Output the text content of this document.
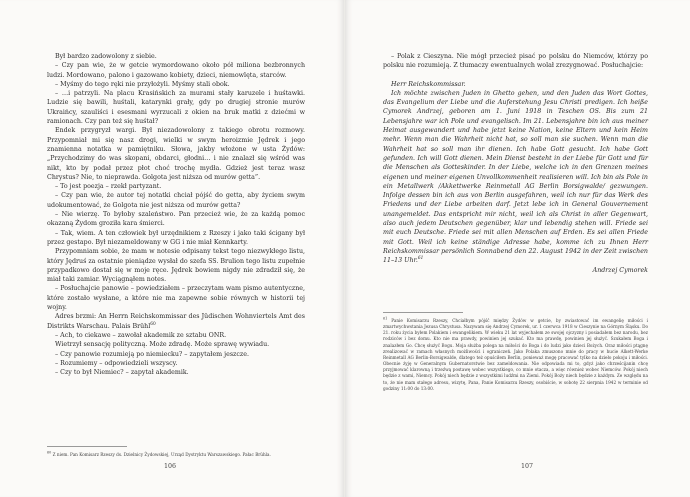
Był bardzo zadowolony z siebie.

– Czy pan wie, że w getcie wymordowano około pół miliona bezbronnych ludzi. Mordowano, palono i gazowano kobiety, dzieci, niemowlęta, starców.

– Myśmy do tego ręki nie przyłożyli. Myśmy stali obok.

– …i patrzyli. Na placu Krasińskich za murami stały karuzele i huśtawki. Ludzie się bawili, huśtali, katarynki grały, gdy po drugiej stronie murów Ukraińcy, szauliści i esesmani wyrzucali z okien na bruk matki z dziećmi w ramionach. Czy pan też się huśtał?

Endek przygryzł wargi. Był niezadowolony z takiego obrotu rozmowy. Przypomniał mi się nasz drogi, wielki w swym heroizmie Jędrek i jego znamienna notatka w pamiętniku. Słowa, jakby włożone w usta Żydów: „Przychodzimy do was skopani, obdarci, głodni… i nie znalazł się wśród was nikt, kto by podał przez płot choć trochę mydła. Gdzież jest teraz wasz Chrystus? Nie, to nieprawda. Golgota jest niższa od murów getta”.

– To jest poezja – rzekł partyzant.

– Czy pan wie, że autor tej notatki chciał pójść do getta, aby życiem swym udokumentować, że Golgota nie jest niższa od murów getta?

– Nie wierzę. To byłoby szaleństwo. Pan przecież wie, że za każdą pomoc okazaną Żydom groziła kara śmierci.

– Tak, wiem. A ten człowiek był urzędnikiem z Rzeszy i jako taki ścigany był przez gestapo. Był niezameldowany w GG i nie miał Kennkarty.

Przypomniam sobie, że mam w notesie odpisany tekst tego niezwykłego listu, który Jędruś za ostatnie pieniądze wysłał do szefa SS. Brulion tego listu zupełnie przypadkowo dostał się w moje ręce. Jędrek bowiem nigdy nie zdradził się, że miał taki zamiar. Wyciągnąłem notes.

– Posłuchajcie panowie – powiedziałem – przeczytam wam pismo autentyczne, które zostało wysłane, a które nie ma zapewne sobie równych w historii tej wojny.

Adres brzmi: An Herrn Reichskommissar des Jüdischen Wohnviertels Amt des Distrikts Warschau. Palais Brühl$^{60}$

– Ach, to ciekawe – zawołał akademik ze sztabu ONR.

Wietrzył sensację polityczną. Może zdradę. Może sprawę wywiadu.

– Czy panowie rozumieją po niemiecku? – zapytałem jeszcze.

– Rozumiemy – odpowiedzieli wszyscy.

– Czy to był Niemiec? – zapytał akademik.

$^{60}$ Z niem. Pan Komisarz Rzeszy ds. Dzielnicy Żydowskiej, Urząd Dystryktu Warszawskiego. Pałac Brühla.

106

– Polak z Cieszyna. Nie mógł przecież pisać po polsku do Niemców, którzy po polsku nie rozumieją. Z tłumaczy ewentualnych wolał zrezygnować. Posłuchajcie:

Herr Reichskommissar.

Ich möchte zwischen Juden in Ghetto gehen, und den Juden das Wort Gottes, das Evangelium der Liebe und die Auferstehung Jesu Christi predigen. Ich heiße Cymorek Andrzej, geboren am 1. Juni 1918 in Teschen OS. Bis zum 21 Lebensjahre war ich Pole und evangelisch. Im 21. Lebensjahre bin ich aus meiner Heimat ausgewandert und habe jetzt keine Nation, keine Eltern und kein Heim mehr. Wenn man die Wahrheit nicht hat, so soll man sie suchen. Wenn man die Wahrheit hat so soll man ihr dienen. Ich habe Gott gesucht. Ich habe Gott gefunden. Ich will Gott dienen. Mein Dienst besteht in der Liebe für Gott und für die Menschen als Gotteskinder. In der Liebe, welche ich in den Grenzen meines eigenen und meiner eigenen Unvollkommenheit realisieren will. Ich bin als Pole in ein Metallwerk /Akkettwerke Reinmetall AG Berlin Borsigwalde/ gezwungen. Infolge dessen bin ich aus von Berlin ausgefahren, weil ich nur für das Werk des Friedens und der Liebe arbeiten darf. Jetzt lebe ich in General Gouvernement unangemeldet. Das entspricht mir nicht, weil ich als Christ in aller Gegenwart, also auch jedem Deutschen gegenüber, klar und lebendig stehen will. Friede sei mit euch Deutsche. Friede sei mit allen Menschen auf Erden. Es sei allen Friede mit Gott. Weil ich keine ständige Adresse habe, komme ich zu Ihnen Herr Reichskommissar persönlich Sonnabend den 22. August 1942 in der Zeit zwischen 11–13 Uhr.$^{61}$

Andrzej Cymorek

$^{61}$ Panie Komisarzu Rzeszy, Chciałbym pójść między Żydów w getcie, by zwiastować im ewangelię miłości i zmartwychwstania Jezusa Chrystusa. Nazywam się Andrzej Cymorek, ur. 1 czerwca 1918 w Cieszynie na Górnym Śląsku. Do 21. roku życia byłem Polakiem i ewangelikiem. W wieku 21 lat wyjechałem ze swojej ojczyzny i posiadałem bez narodu, bez rodziców i bez domu. Kto nie ma prawdy, powinien jej szukać. Kto ma prawdę, powinien jej służyć. Szukałem Boga i znalazłem Go. Chcę służyć Bogu. Moja służba polega na miłości do Boga i do ludzi jako dzieci Bożych. Oraz miłości ptągnę zrealizować w ramach własnych możliwości i ograniczeń. Jako Polaka zmuszono mnie do pracy w hucie Alkett-Werke Reinmetall AG Berlin-Borsigwalde, dlatego też opuściłem Berlin, ponieważ mogę pracować tylko na dzieło pokoju i miłości. Obecnie żyję w Generalnym Gubernatorstwie bez zameldowania. Nie odpowiada mi to, gdyż jako chrześcijanin chcę przyjmować klarowną i trzeźwą postawę wobec wszystkiego, co mnie otacza, a więc również wobec Niemców. Pokój niech będzie z wami, Niemcy. Pokój niech będzie z wszystkimi ludźmi na Ziemi. Pokój Boży niech będzie z każdym. Ze względu na to, że nie mam stałego adresu, wizytę, Pana, Panie Komisarzu Rzeszy, osobiście, w sobotę 22 sierpnia 1942 w terminie od godziny 11:00 do 13:00.

107
